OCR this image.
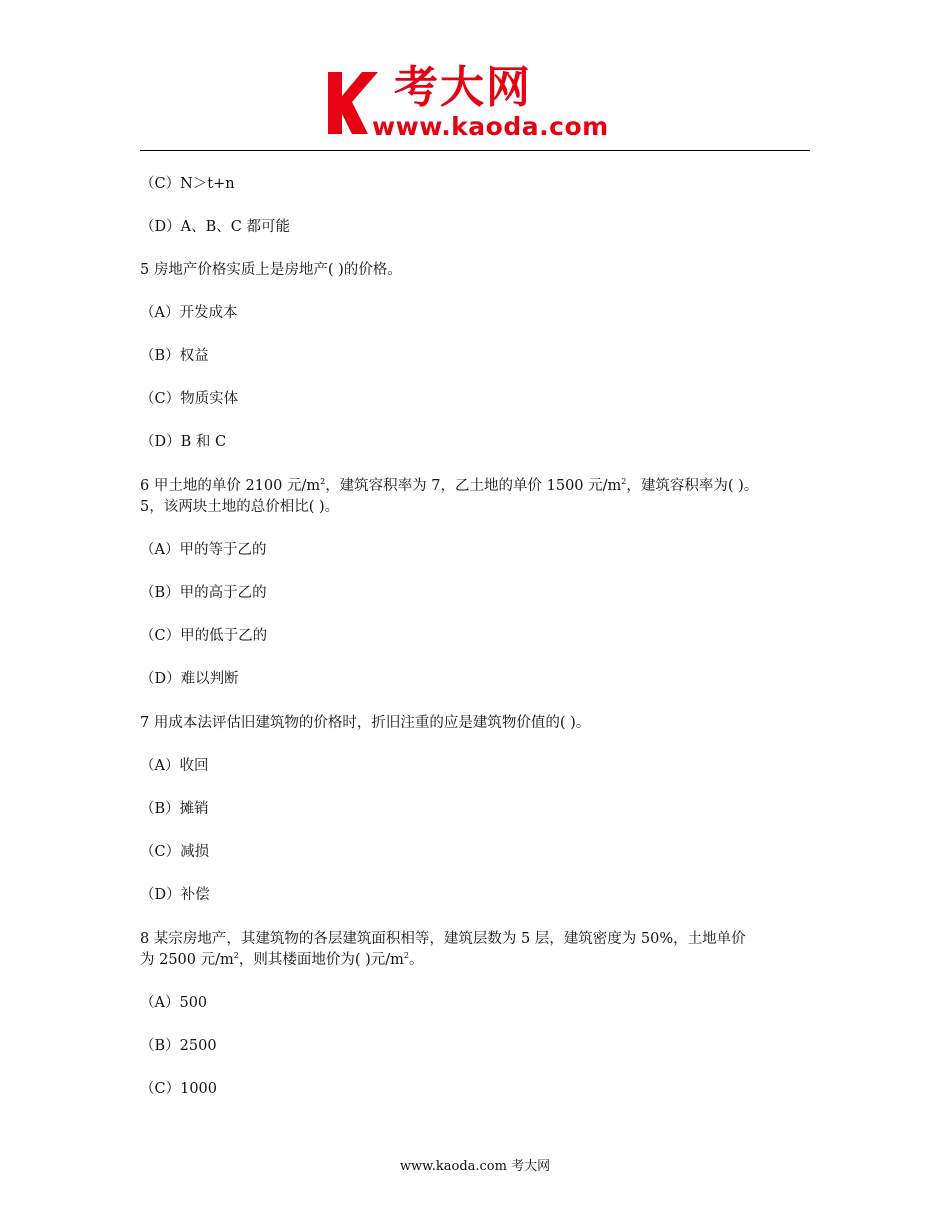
考大网
www.kaoda.com
（C）N＞t+n
（D）A、B、C 都可能
5 房地产价格实质上是房地产( )的价格。
（A）开发成本
（B）权益
（C）物质实体
（D）B 和 C
6 甲土地的单价 2100 元$/m^2$，建筑容积率为 7，乙土地的单价 1500 元$/m^2$，建筑容积率为( )。
5，该两块土地的总价相比( )。
（A）甲的等于乙的
（B）甲的高于乙的
（C）甲的低于乙的
（D）难以判断
7 用成本法评估旧建筑物的价格时，折旧注重的应是建筑物价值的( )。
（A）收回
（B）摊销
（C）减损
（D）补偿
8 某宗房地产，其建筑物的各层建筑面积相等，建筑层数为 5 层，建筑密度为 50%，土地单价
为 2500 元$/m^2$，则其楼面地价为( )元$/m^2$。
（A）500
（B）2500
（C）1000
www.kaoda.com 考大网
